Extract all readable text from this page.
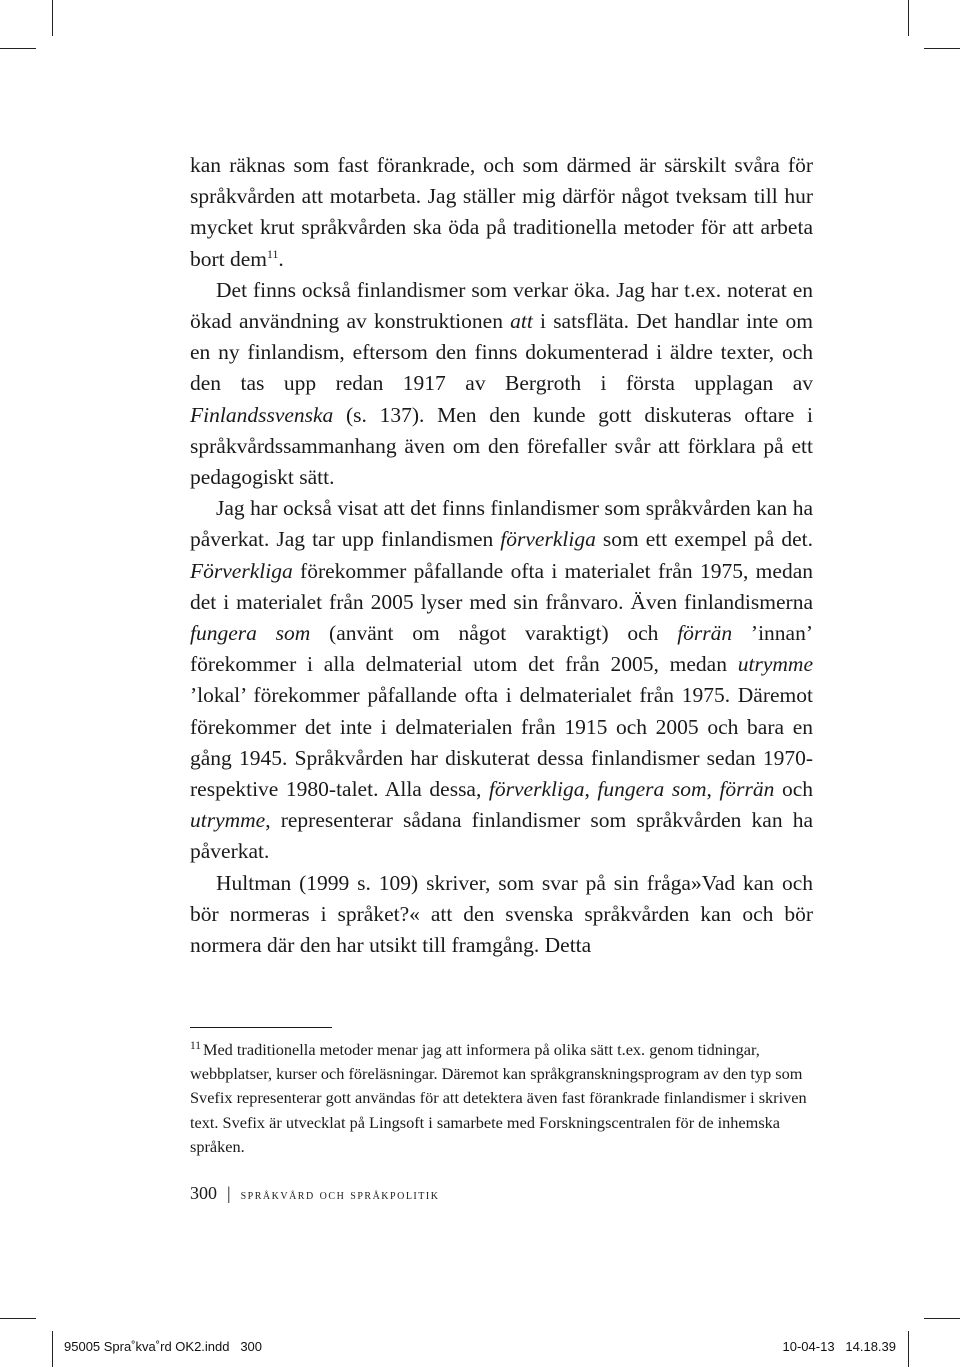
kan räknas som fast förankrade, och som därmed är särskilt svåra för språkvården att motarbeta. Jag ställer mig därför något tveksam till hur mycket krut språkvården ska öda på traditionella metoder för att arbeta bort dem$^{11}$.

Det finns också finlandismer som verkar öka. Jag har t.ex. noterat en ökad användning av konstruktionen att i satsfläta. Det handlar inte om en ny finlandism, eftersom den finns dokumenterad i äldre texter, och den tas upp redan 1917 av Bergroth i första upplagan av Finlandssvenska (s. 137). Men den kunde gott diskuteras oftare i språkvårdssammanhang även om den förefaller svår att förklara på ett pedagogiskt sätt.

Jag har också visat att det finns finlandismer som språkvården kan ha påverkat. Jag tar upp finlandismen förverkliga som ett exempel på det. Förverkliga förekommer påfallande ofta i materialet från 1975, medan det i materialet från 2005 lyser med sin frånvaro. Även finlandismerna fungera som (använt om något varaktigt) och förrän ’innan’ förekommer i alla delmaterial utom det från 2005, medan utrymme ’lokal’ förekommer påfallande ofta i delmaterialet från 1975. Däremot förekommer det inte i delmaterialen från 1915 och 2005 och bara en gång 1945. Språkvården har diskuterat dessa finlandismer sedan 1970- respektive 1980-talet. Alla dessa, förverkliga, fungera som, förrän och utrymme, representerar sådana finlandismer som språkvården kan ha påverkat.

Hultman (1999 s. 109) skriver, som svar på sin fråga»Vad kan och bör normeras i språket?« att den svenska språkvården kan och bör normera där den har utsikt till framgång. Detta

$^{11}$ Med traditionella metoder menar jag att informera på olika sätt t.ex. genom tidningar, webbplatser, kurser och föreläsningar. Däremot kan språkgranskningsprogram av den typ som Svefix representerar gott användas för att detektera även fast förankrade finlandismer i skriven text. Svefix är utvecklat på Lingsoft i samarbete med Forskningscentralen för de inhemska språken.

300 | språkvård och språkpolitik
95005 Spra˚kva˚rd OK2.indd   300	10-04-13   14.18.39
